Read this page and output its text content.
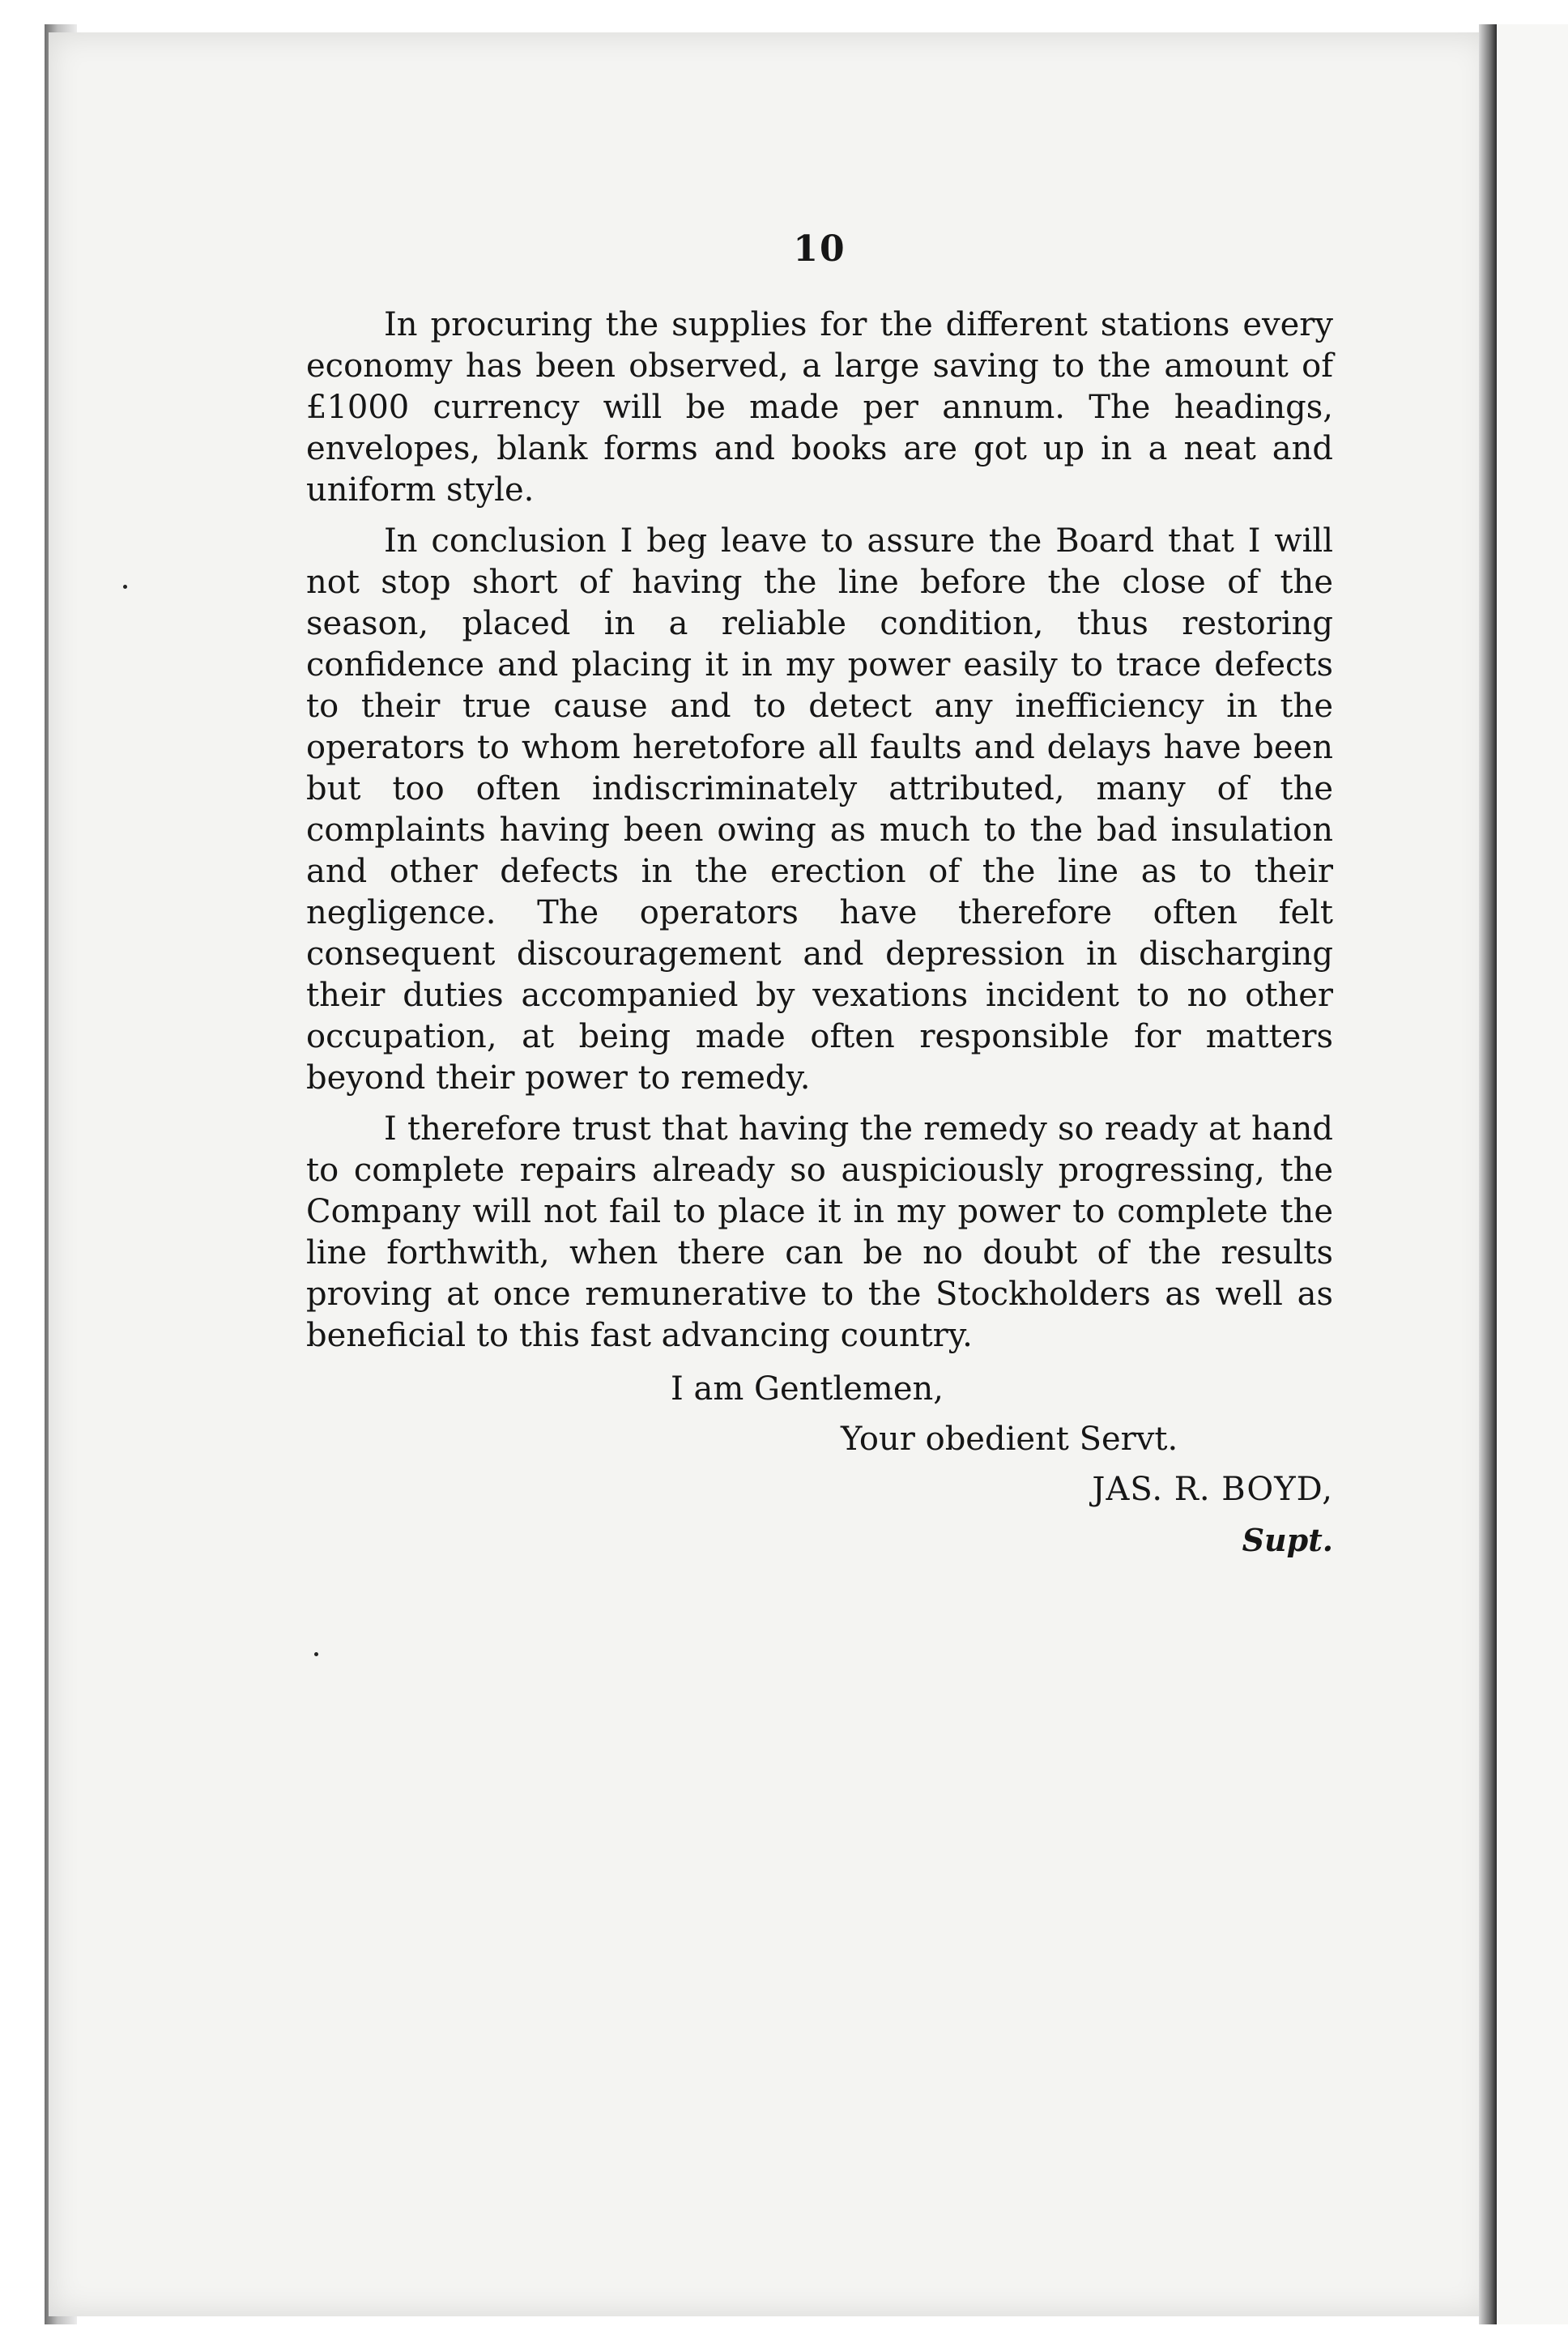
10

In procuring the supplies for the different stations every economy has been observed, a large saving to the amount of £1000 currency will be made per annum. The headings, envelopes, blank forms and books are got up in a neat and uniform style.

In conclusion I beg leave to assure the Board that I will not stop short of having the line before the close of the season, placed in a reliable condition, thus restoring confidence and placing it in my power easily to trace defects to their true cause and to detect any inefficiency in the operators to whom heretofore all faults and delays have been but too often indiscriminately attributed, many of the complaints having been owing as much to the bad insulation and other defects in the erection of the line as to their negligence. The operators have therefore often felt consequent discouragement and depression in discharging their duties accompanied by vexations incident to no other occupation, at being made often responsible for matters beyond their power to remedy.

I therefore trust that having the remedy so ready at hand to complete repairs already so auspiciously progressing, the Company will not fail to place it in my power to complete the line forthwith, when there can be no doubt of the results proving at once remunerative to the Stockholders as well as beneficial to this fast advancing country.

I am Gentlemen,
Your obedient Servt.
JAS. R. BOYD,
Supt.
